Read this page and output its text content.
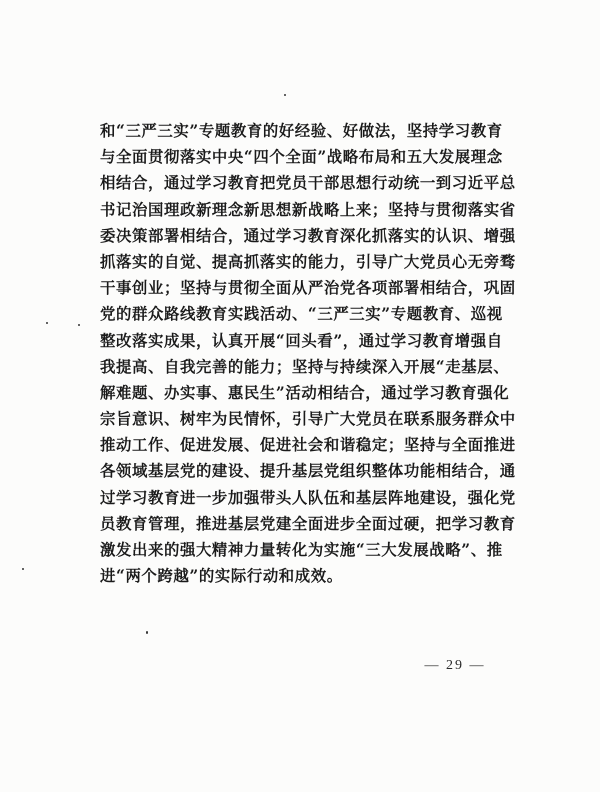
和“三严三实”专题教育的好经验、好做法，坚持学习教育
与全面贯彻落实中央“四个全面”战略布局和五大发展理念
相结合，通过学习教育把党员干部思想行动统一到习近平总
书记治国理政新理念新思想新战略上来；坚持与贯彻落实省
委决策部署相结合，通过学习教育深化抓落实的认识、增强
抓落实的自觉、提高抓落实的能力，引导广大党员心无旁骛
干事创业；坚持与贯彻全面从严治党各项部署相结合，巩固
党的群众路线教育实践活动、“三严三实”专题教育、巡视
整改落实成果，认真开展“回头看”，通过学习教育增强自
我提高、自我完善的能力；坚持与持续深入开展“走基层、
解难题、办实事、惠民生”活动相结合，通过学习教育强化
宗旨意识、树牢为民情怀，引导广大党员在联系服务群众中
推动工作、促进发展、促进社会和谐稳定；坚持与全面推进
各领域基层党的建设、提升基层党组织整体功能相结合，通
过学习教育进一步加强带头人队伍和基层阵地建设，强化党
员教育管理，推进基层党建全面进步全面过硬，把学习教育
激发出来的强大精神力量转化为实施“三大发展战略”、推
进“两个跨越”的实际行动和成效。
— 29 —
